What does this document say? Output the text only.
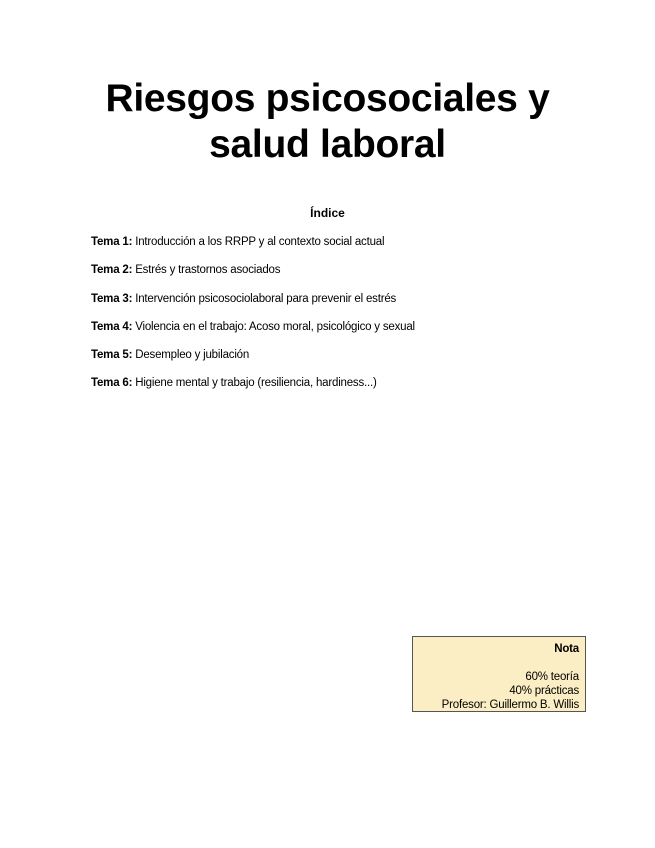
Riesgos psicosociales y
salud laboral
Índice
Tema 1: Introducción a los RRPP y al contexto social actual
Tema 2: Estrés y trastornos asociados
Tema 3: Intervención psicosociolaboral para prevenir el estrés
Tema 4: Violencia en el trabajo: Acoso moral, psicológico y sexual
Tema 5: Desempleo y jubilación
Tema 6: Higiene mental y trabajo (resiliencia, hardiness...)
Nota
60% teoría
40% prácticas
Profesor: Guillermo B. Willis
